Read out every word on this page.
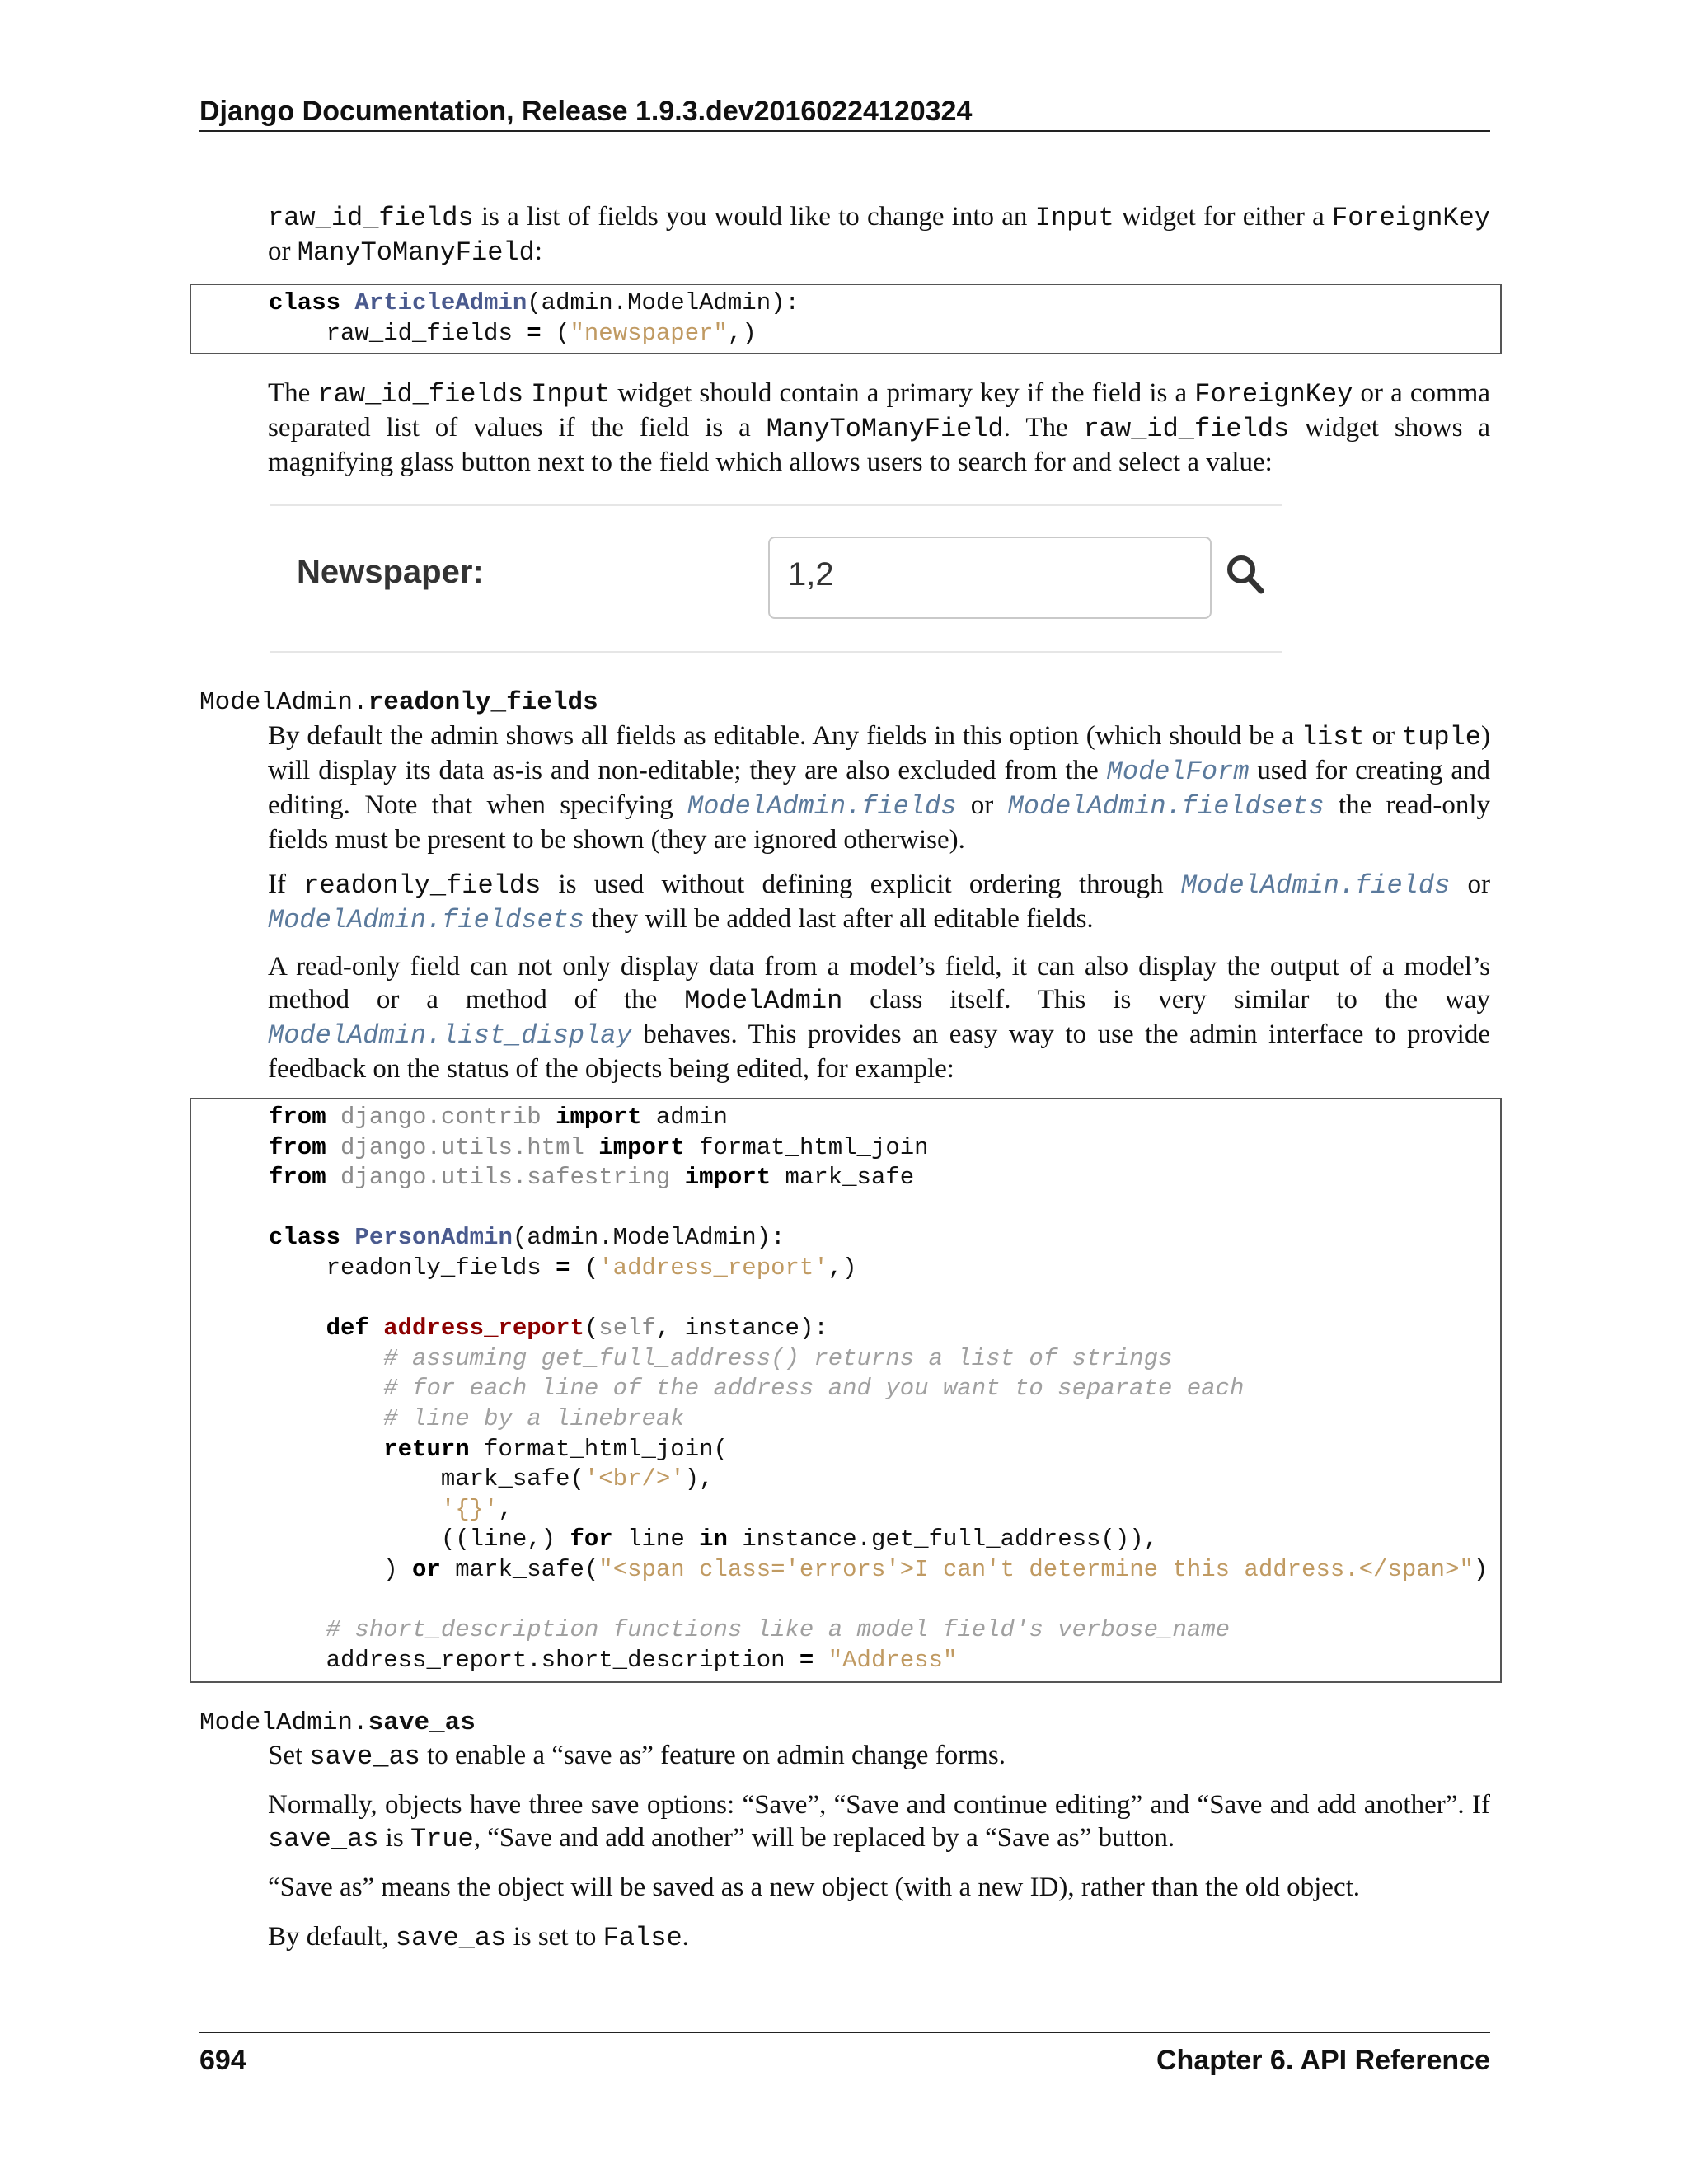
Django Documentation, Release 1.9.3.dev20160224120324
raw_id_fields is a list of fields you would like to change into an Input widget for either a ForeignKey or ManyToManyField:
class ArticleAdmin(admin.ModelAdmin):
raw_id_fields = ("newspaper",)
The raw_id_fields Input widget should contain a primary key if the field is a ForeignKey or a comma separated list of values if the field is a ManyToManyField. The raw_id_fields widget shows a magnifying glass button next to the field which allows users to search for and select a value:
Newspaper:	1,2
ModelAdmin.readonly_fields
By default the admin shows all fields as editable. Any fields in this option (which should be a list or tuple) will display its data as-is and non-editable; they are also excluded from the ModelForm used for creating and editing. Note that when specifying ModelAdmin.fields or ModelAdmin.fieldsets the read-only fields must be present to be shown (they are ignored otherwise).
If readonly_fields is used without defining explicit ordering through ModelAdmin.fields or ModelAdmin.fieldsets they will be added last after all editable fields.
A read-only field can not only display data from a model’s field, it can also display the output of a model’s method or a method of the ModelAdmin class itself. This is very similar to the way ModelAdmin.list_display behaves. This provides an easy way to use the admin interface to provide feedback on the status of the objects being edited, for example:
from django.contrib import admin
from django.utils.html import format_html_join
from django.utils.safestring import mark_safe

class PersonAdmin(admin.ModelAdmin):
readonly_fields = ('address_report',)

def address_report(self, instance):
# assuming get_full_address() returns a list of strings
# for each line of the address and you want to separate each
# line by a linebreak
return format_html_join(
mark_safe('<br/>'),
'{}',
((line,) for line in instance.get_full_address()),
) or mark_safe("<span class='errors'>I can't determine this address.</span>")

# short_description functions like a model field's verbose_name
address_report.short_description = "Address"
ModelAdmin.save_as
Set save_as to enable a “save as” feature on admin change forms.
Normally, objects have three save options: “Save”, “Save and continue editing” and “Save and add another”. If save_as is True, “Save and add another” will be replaced by a “Save as” button.
“Save as” means the object will be saved as a new object (with a new ID), rather than the old object.
By default, save_as is set to False.
694	Chapter 6. API Reference
